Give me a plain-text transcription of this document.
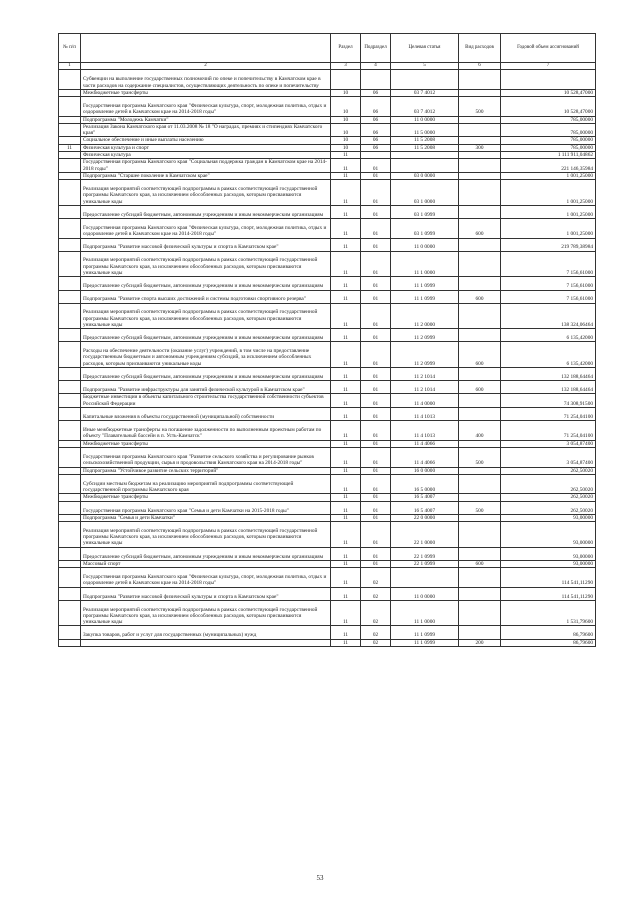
№ п/п		Раздел	Подраздел	Целевая статья	Вид расходов	Годовой объем ассигнований
1	2	3	4	5	6	7
	Субвенции на выполнение государственных полномочий по опеке и попечительству в Камчатском крае в части расходов на содержание специалистов, осуществляющих деятельность по опеке и попечительству					
	Межбюджетные трансферты	10	06	03 7 4012		10 528,47000
	Государственная программа Камчатского края "Физическая культура, спорт, молодежная политика, отдых и оздоровление детей в Камчатском крае на 2014-2018 годы"	10	06	03 7 4012	500	10 528,47000
	Подпрограмма "Молодежь Камчатки"	10	06	11 0 0000		785,00000
	Реализация Закона Камчатского края от 11.03.2008 № 18 "О наградах, премиях и стипендиях Камчатского края"	10	06	11 5 0000		785,00000
	Социальное обеспечение и иные выплаты населению	10	06	11 5 2008		785,00000
11	Физическая культура и спорт	10	06	11 5 2008	300	785,00000
	Физическая культура	11				1 111 911,04862
	Государственная программа Камчатского края "Социальная поддержка граждан в Камчатском крае на 2014-2018 годы"	11	01			221 146,35984
	Подпрограмма "Старшее поколение в Камчатском крае"	11	01	03 0 0000		1 001,25000
	Реализация мероприятий соответствующей подпрограммы в рамках соответствующей государственной программы Камчатского края, за исключением обособленных расходов, которым присваиваются уникальные коды	11	01	03 1 0000		1 001,25000
	Предоставление субсидий бюджетным, автономным учреждениям и иным некоммерческим организациям	11	01	03 1 0999		1 001,25000
	Государственная программа Камчатского края "Физическая культура, спорт, молодежная политика, отдых и оздоровление детей в Камчатском крае на 2014-2018 годы"	11	01	03 1 0999	600	1 001,25000
	Подпрограмма "Развитие массовой физической культуры и спорта в Камчатском крае"	11	01	11 0 0000		219 789,38984
	Реализация мероприятий соответствующей подпрограммы в рамках соответствующей государственной программы Камчатского края, за исключением обособленных расходов, которым присваиваются уникальные коды	11	01	11 1 0000		7 156,61000
	Предоставление субсидий бюджетным, автономным учреждениям и иным некоммерческим организациям	11	01	11 1 0999		7 156,61000
	Подпрограмма "Развитие спорта высших достижений и системы подготовки спортивного резерва"	11	01	11 1 0999	600	7 156,61000
	Реализация мероприятий соответствующей подпрограммы в рамках соответствующей государственной программы Камчатского края, за исключением обособленных расходов, которым присваиваются уникальные коды	11	01	11 2 0000		138 324,06464
	Предоставление субсидий бюджетным, автономным учреждениям и иным некоммерческим организациям	11	01	11 2 0999		6 135,42000
	Расходы на обеспечение деятельности (оказание услуг) учреждений, в том числе на предоставление государственным бюджетным и автономным учреждениям субсидий, за исключением обособленных расходов, которым присваиваются уникальные коды	11	01	11 2 0999	600	6 135,42000
	Предоставление субсидий бюджетным, автономным учреждениям и иным некоммерческим организациям	11	01	11 2 1014		132 188,64464
	Подпрограмма "Развитие инфраструктуры для занятий физической культурой в Камчатском крае"	11	01	11 2 1014	600	132 188,64464
	Бюджетные инвестиции в объекты капитального строительства государственной собственности субъектов Российской Федерации	11	01	11 4 0000		74 308,91500
	Капитальные вложения в объекты государственной (муниципальной) собственности	11	01	11 4 1013		71 254,04100
	Иные межбюджетные трансферты на погашение задолженности по выполненным проектным работам по объекту "Плавательный бассейн в п. Усть-Камчатск"	11	01	11 4 1013	400	71 254,04100
	Межбюджетные трансферты	11	01	11 4 4066		3 054,87400
	Государственная программа Камчатского края "Развитие сельского хозяйства и регулирование рынков сельскохозяйственной продукции, сырья и продовольствия Камчатского края на 2014-2018 годы"	11	01	11 4 4066	500	3 054,87400
	Подпрограмма "Устойчивое развитие сельских территорий"	11	01	16 0 0000		262,50020
	Субсидии местным бюджетам на реализацию мероприятий подпрограммы соответствующей государственной программы Камчатского края	11	01	16 5 0000		262,50020
	Межбюджетные трансферты	11	01	16 5 4007		262,50020
	Государственная программа Камчатского края "Семья и дети Камчатки на 2015-2018 годы"	11	01	16 5 4007	500	262,50020
	Подпрограмма "Семья и дети Камчатки"	11	01	22 0 0000		93,00000
	Реализация мероприятий соответствующей подпрограммы в рамках соответствующей государственной программы Камчатского края, за исключением обособленных расходов, которым присваиваются уникальные коды	11	01	22 1 0000		93,00000
	Предоставление субсидий бюджетным, автономным учреждениям и иным некоммерческим организациям	11	01	22 1 0999		93,00000
	Массовый спорт	11	01	22 1 0999	600	93,00000
	Государственная программа Камчатского края "Физическая культура, спорт, молодежная политика, отдых и оздоровление детей в Камчатском крае на 2014-2018 годы"	11	02			114 541,11290
	Подпрограмма "Развитие массовой физической культуры и спорта в Камчатском крае"	11	02	11 0 0000		114 541,11290
	Реализация мероприятий соответствующей подпрограммы в рамках соответствующей государственной программы Камчатского края, за исключением обособленных расходов, которым присваиваются уникальные коды	11	02	11 1 0000		1 531,79600
	Закупка товаров, работ и услуг для государственных (муниципальных) нужд	11	02	11 1 0999		86,79600
		11	02	11 1 0999	200	86,79600
53
